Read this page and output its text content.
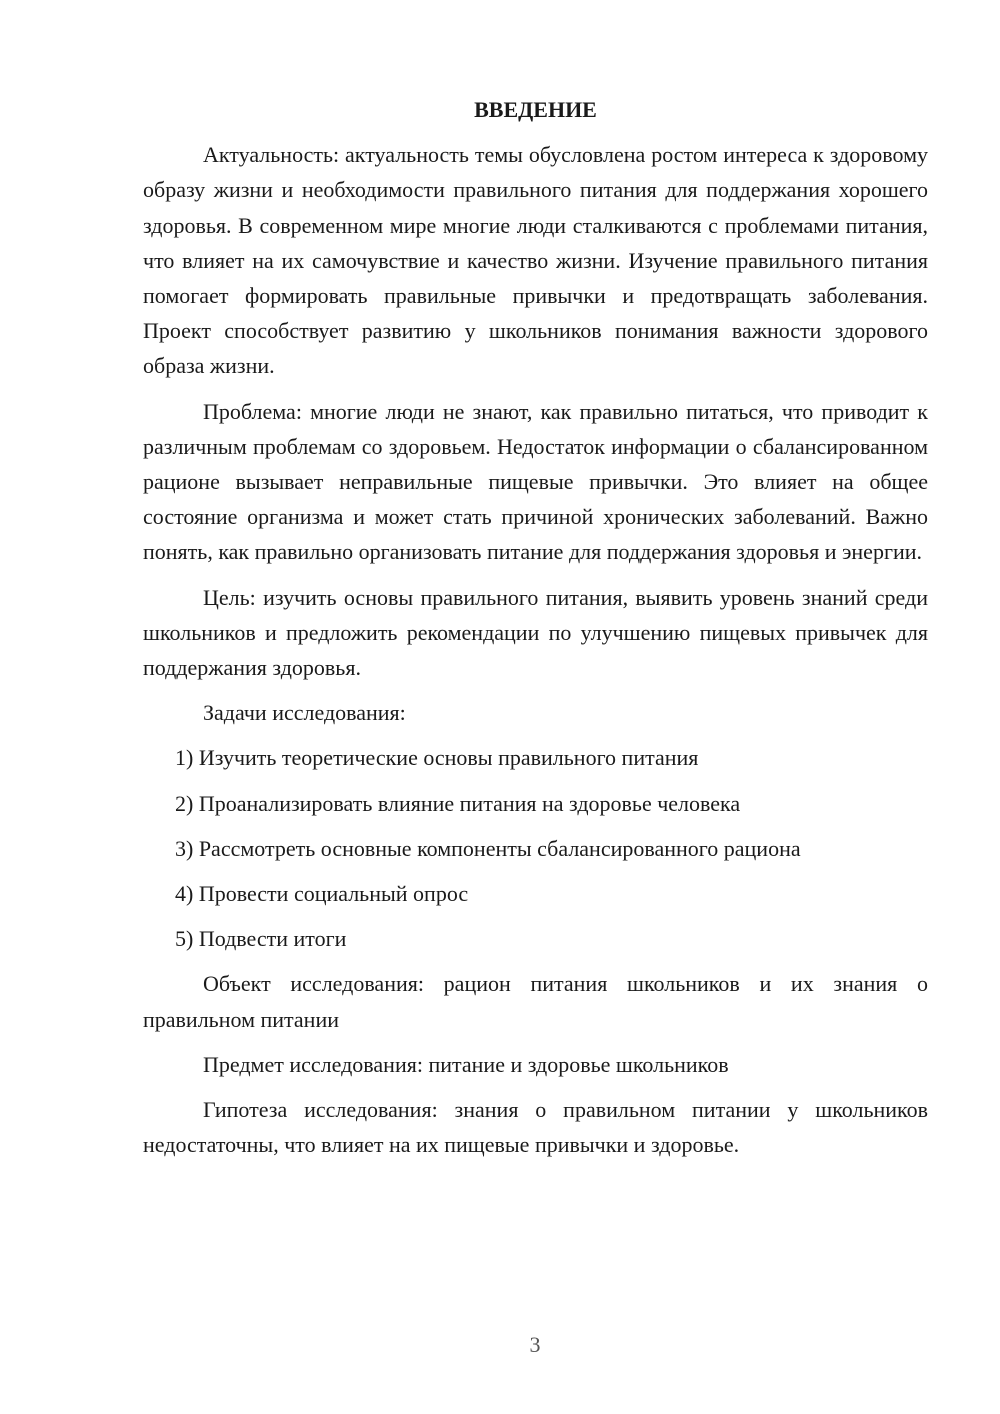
ВВЕДЕНИЕ

Актуальность: актуальность темы обусловлена ростом интереса к здоровому образу жизни и необходимости правильного питания для поддержания хорошего здоровья. В современном мире многие люди сталкиваются с проблемами питания, что влияет на их самочувствие и качество жизни. Изучение правильного питания помогает формировать правильные привычки и предотвращать заболевания. Проект способствует развитию у школьников понимания важности здорового образа жизни.

Проблема: многие люди не знают, как правильно питаться, что приводит к различным проблемам со здоровьем. Недостаток информации о сбалансированном рационе вызывает неправильные пищевые привычки. Это влияет на общее состояние организма и может стать причиной хронических заболеваний. Важно понять, как правильно организовать питание для поддержания здоровья и энергии.

Цель: изучить основы правильного питания, выявить уровень знаний среди школьников и предложить рекомендации по улучшению пищевых привычек для поддержания здоровья.

Задачи исследования:

1) Изучить теоретические основы правильного питания
2) Проанализировать влияние питания на здоровье человека
3) Рассмотреть основные компоненты сбалансированного рациона
4) Провести социальный опрос
5) Подвести итоги

Объект исследования: рацион питания школьников и их знания о правильном питании

Предмет исследования: питание и здоровье школьников

Гипотеза исследования: знания о правильном питании у школьников недостаточны, что влияет на их пищевые привычки и здоровье.

3
